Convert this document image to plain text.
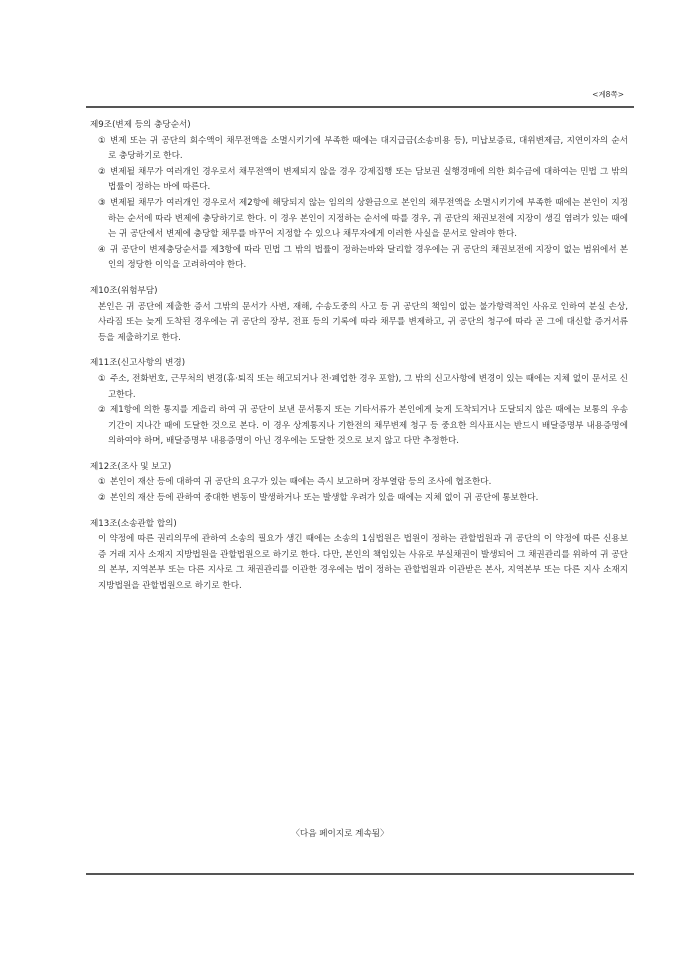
<계8쪽>

제9조(변제 등의 충당순서)

① 변제 또는 귀 공단의 회수액이 채무전액을 소멸시키기에 부족한 때에는 대지급금(소송비용 등), 미납보증료, 대위변제금, 지연이자의 순서로 충당하기로 한다.

② 변제될 채무가 여러개인 경우로서 채무전액이 변제되지 않을 경우 강제집행 또는 담보권 실행경매에 의한 회수금에 대하여는 민법 그 밖의 법률이 정하는 바에 따른다.

③ 변제될 채무가 여러개인 경우로서 제2항에 해당되지 않는 임의의 상환금으로 본인의 채무전액을 소멸시키기에 부족한 때에는 본인이 지정하는 순서에 따라 변제에 충당하기로 한다. 이 경우 본인이 지정하는 순서에 따를 경우, 귀 공단의 채권보전에 지장이 생길 염려가 있는 때에는 귀 공단에서 변제에 충당할 채무를 바꾸어 지정할 수 있으나 채무자에게 이러한 사실을 문서로 알려야 한다.

④ 귀 공단이 변제충당순서를 제3항에 따라 민법 그 밖의 법률이 정하는바와 달리할 경우에는 귀 공단의 채권보전에 지장이 없는 범위에서 본인의 정당한 이익을 고려하여야 한다.

제10조(위험부담)

본인은 귀 공단에 제출한 증서 그밖의 문서가 사변, 재해, 수송도중의 사고 등 귀 공단의 책임이 없는 불가항력적인 사유로 인하여 분실 손상, 사라짐 또는 늦게 도착된 경우에는 귀 공단의 장부, 전표 등의 기록에 따라 채무를 변제하고, 귀 공단의 청구에 따라 곧 그에 대신할 증거서류 등을 제출하기로 한다.

제11조(신고사항의 변경)

① 주소, 전화번호, 근무처의 변경(휴·퇴직 또는 해고되거나 전·폐업한 경우 포함), 그 밖의 신고사항에 변경이 있는 때에는 지체 없이 문서로 신고한다.

② 제1항에 의한 통지를 게을리 하여 귀 공단이 보낸 문서통지 또는 기타서류가 본인에게 늦게 도착되거나 도달되지 않은 때에는 보통의 우송기간이 지나간 때에 도달한 것으로 본다. 이 경우 상계통지나 기한전의 채무변제 청구 등 중요한 의사표시는 반드시 배달증명부 내용증명에 의하여야 하며, 배달증명부 내용증명이 아닌 경우에는 도달한 것으로 보지 않고 다만 추정한다.

제12조(조사 및 보고)

① 본인이 재산 등에 대하여 귀 공단의 요구가 있는 때에는 즉시 보고하며 장부열람 등의 조사에 협조한다.

② 본인의 재산 등에 관하여 중대한 변동이 발생하거나 또는 발생할 우려가 있을 때에는 지체 없이 귀 공단에 통보한다.

제13조(소송관할 합의)

이 약정에 따른 권리의무에 관하여 소송의 필요가 생긴 때에는 소송의 1심법원은 법원이 정하는 관할법원과 귀 공단의 이 약정에 따른 신용보증 거래 지사 소재지 지방법원을 관할법원으로 하기로 한다. 다만, 본인의 책임있는 사유로 부실채권이 발생되어 그 채권관리를 위하여 귀 공단의 본부, 지역본부 또는 다른 지사로 그 채권관리를 이관한 경우에는 법이 정하는 관할법원과 이관받은 본사, 지역본부 또는 다른 지사 소재지 지방법원을 관할법원으로 하기로 한다.

〈다음 페이지로 계속됨〉
